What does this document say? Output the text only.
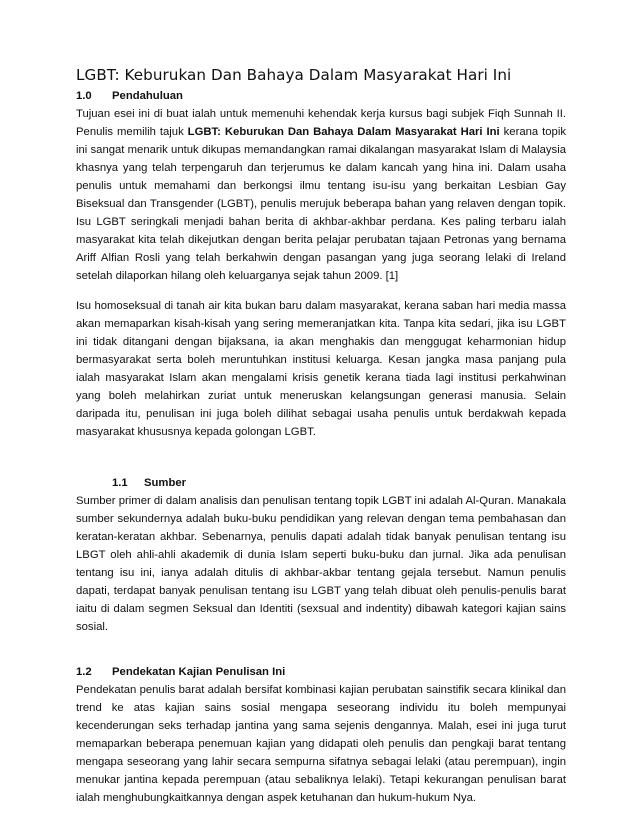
LGBT: Keburukan Dan Bahaya Dalam Masyarakat Hari Ini
1.0	Pendahuluan

Tujuan esei ini di buat ialah untuk memenuhi kehendak kerja kursus bagi subjek Fiqh Sunnah II. Penulis memilih tajuk LGBT: Keburukan Dan Bahaya Dalam Masyarakat Hari Ini kerana topik ini sangat menarik untuk dikupas memandangkan ramai dikalangan masyarakat Islam di Malaysia khasnya yang telah terpengaruh dan terjerumus ke dalam kancah yang hina ini. Dalam usaha penulis untuk memahami dan berkongsi ilmu tentang isu-isu yang berkaitan Lesbian Gay Biseksual dan Transgender (LGBT), penulis merujuk beberapa bahan yang relaven dengan topik. Isu LGBT seringkali menjadi bahan berita di akhbar-akhbar perdana. Kes paling terbaru ialah masyarakat kita telah dikejutkan dengan berita pelajar perubatan tajaan Petronas yang bernama Ariff Alfian Rosli yang telah berkahwin dengan pasangan yang juga seorang lelaki di Ireland setelah dilaporkan hilang oleh keluarganya sejak tahun 2009. [1]

Isu homoseksual di tanah air kita bukan baru dalam masyarakat, kerana saban hari media massa akan memaparkan kisah-kisah yang sering memeranjatkan kita. Tanpa kita sedari, jika isu LGBT ini tidak ditangani dengan bijaksana, ia akan menghakis dan menggugat keharmonian hidup bermasyarakat serta boleh meruntuhkan institusi keluarga. Kesan jangka masa panjang pula ialah masyarakat Islam akan mengalami krisis genetik kerana tiada lagi institusi perkahwinan yang boleh melahirkan zuriat untuk meneruskan kelangsungan generasi manusia. Selain daripada itu, penulisan ini juga boleh dilihat sebagai usaha penulis untuk berdakwah kepada masyarakat khususnya kepada golongan LGBT.

1.1	Sumber

Sumber primer di dalam analisis dan penulisan tentang topik LGBT ini adalah Al-Quran. Manakala sumber sekundernya adalah buku-buku pendidikan yang relevan dengan tema pembahasan dan keratan-keratan akhbar. Sebenarnya, penulis dapati adalah tidak banyak penulisan tentang isu LBGT oleh ahli-ahli akademik di dunia Islam seperti buku-buku dan jurnal. Jika ada penulisan tentang isu ini, ianya adalah ditulis di akhbar-akbar tentang gejala tersebut. Namun penulis dapati, terdapat banyak penulisan tentang isu LGBT yang telah dibuat oleh penulis-penulis barat iaitu di dalam segmen Seksual dan Identiti (sexsual and indentity) dibawah kategori kajian sains sosial.

1.2	Pendekatan Kajian Penulisan Ini

Pendekatan penulis barat adalah bersifat kombinasi kajian perubatan sainstifik secara klinikal dan trend ke atas kajian sains sosial mengapa seseorang individu itu boleh mempunyai kecenderungan seks terhadap jantina yang sama sejenis dengannya. Malah, esei ini juga turut memaparkan beberapa penemuan kajian yang didapati oleh penulis dan pengkaji barat tentang mengapa seseorang yang lahir secara sempurna sifatnya sebagai lelaki (atau perempuan), ingin menukar jantina kepada perempuan (atau sebaliknya lelaki). Tetapi kekurangan penulisan barat ialah menghubungkaitkannya dengan aspek ketuhanan dan hukum-hukum Nya.
